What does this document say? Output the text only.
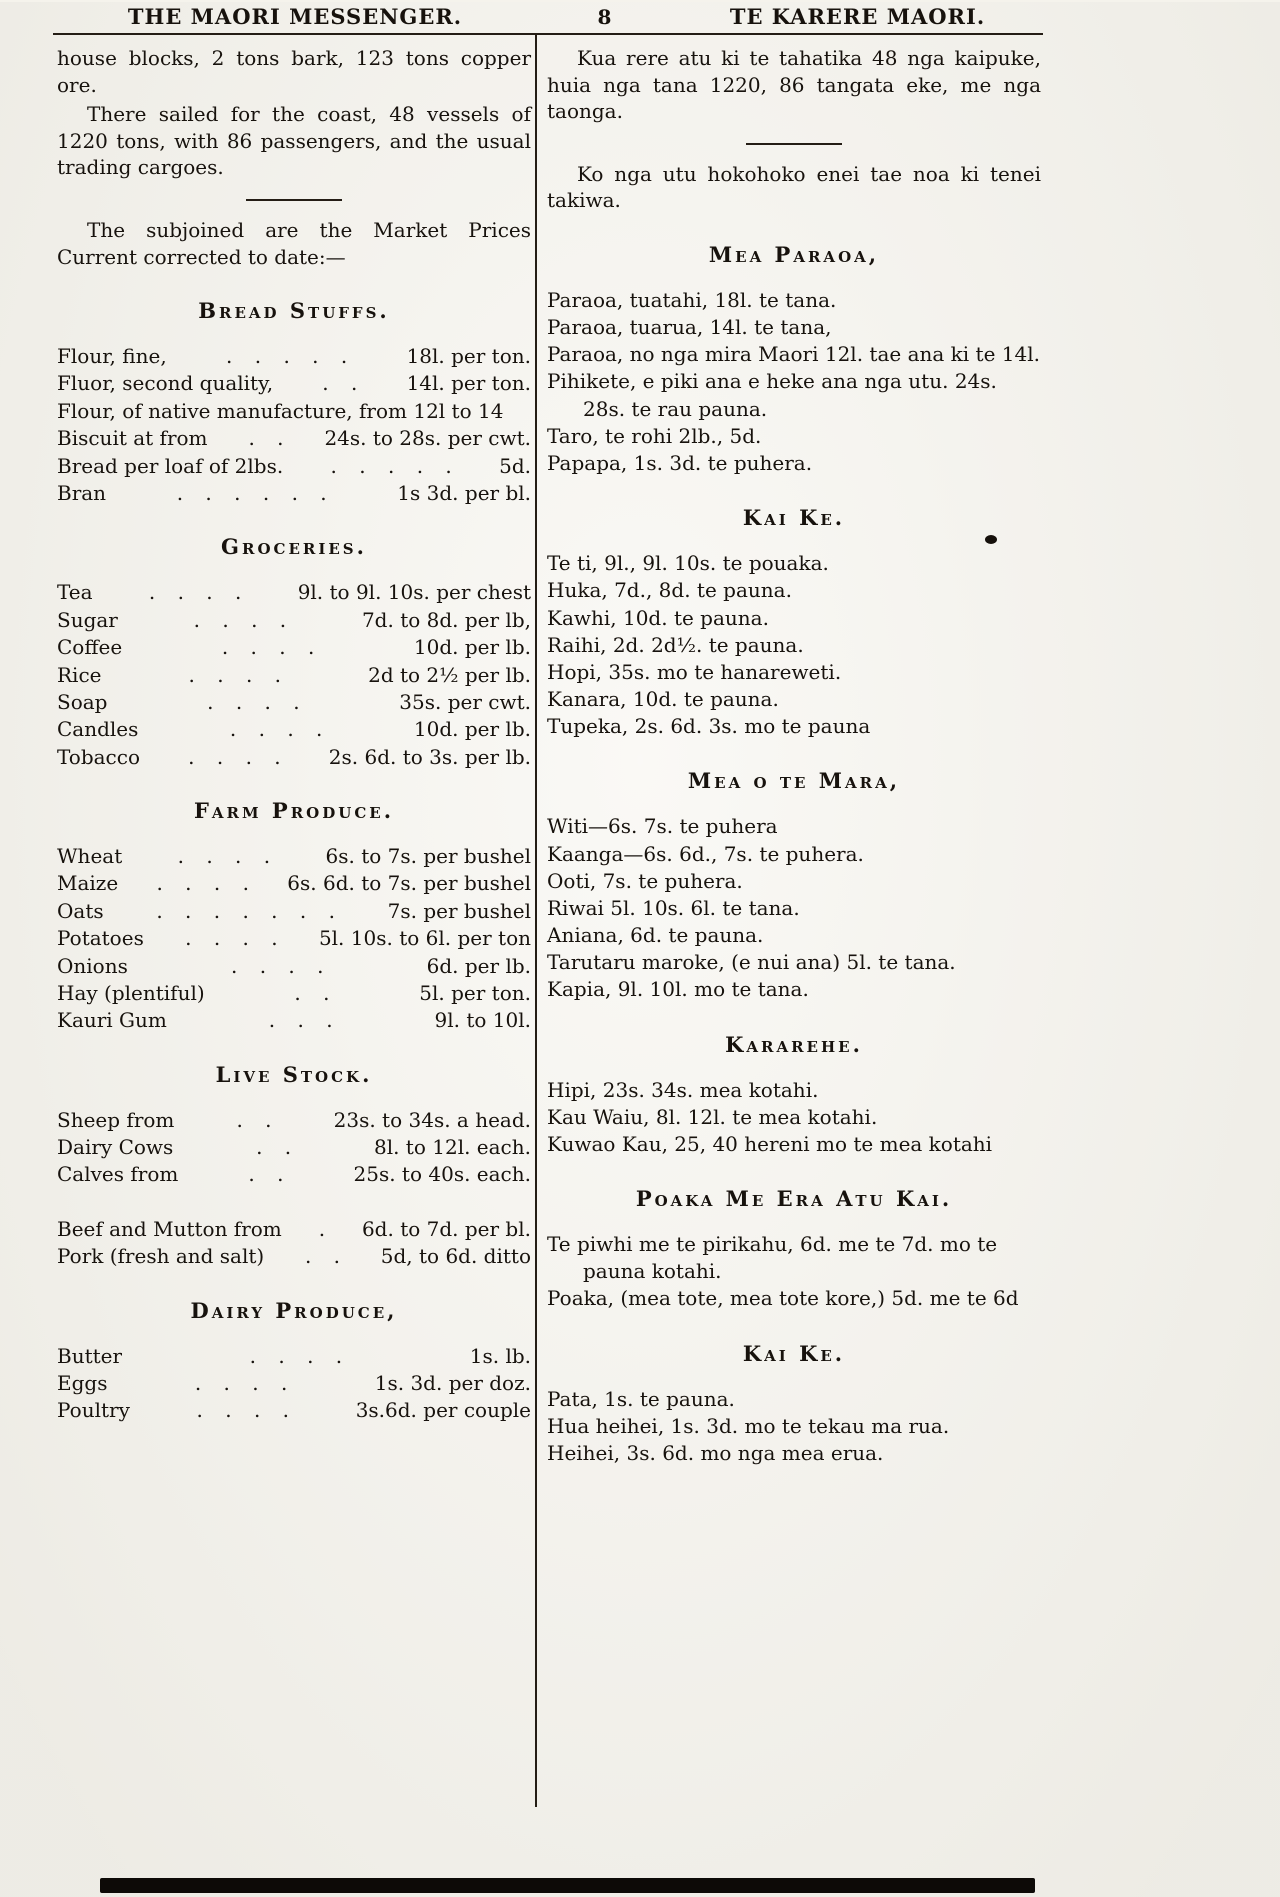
THE MAORI MESSENGER.	8	TE KARERE MAORI.

house blocks, 2 tons bark, 123 tons copper ore.

There sailed for the coast, 48 vessels of 1220 tons, with 86 passengers, and the usual trading cargoes.

The subjoined are the Market Prices Current corrected to date:—

Bread Stuffs.
Flour, fine,	. . . . .	18l. per ton.
Fluor, second quality,	. .	14l. per ton.
Flour, of native manufacture, from 12l to 14
Biscuit at from	. .	24s. to 28s. per cwt.
Bread per loaf of 2lbs.	. . . . .	5d.
Bran	. . . . . .	1s 3d. per bl.
Groceries.
Tea	. . . .	9l. to 9l. 10s. per chest
Sugar	. . . .	7d. to 8d. per lb,
Coffee	. . . .	10d. per lb.
Rice	. . . .	2d to 2½ per lb.
Soap	. . . .	35s. per cwt.
Candles	. . . .	10d. per lb.
Tobacco	. . . .	2s. 6d. to 3s. per lb.
Farm Produce.
Wheat	. . . .	6s. to 7s. per bushel
Maize	. . . .	6s. 6d. to 7s. per bushel
Oats	. . . . . . .	7s. per bushel
Potatoes	. . . .	5l. 10s. to 6l. per ton
Onions	. . . .	6d. per lb.
Hay (plentiful)	. .	5l. per ton.
Kauri Gum	. . .	9l. to 10l.
Live Stock.
Sheep from	. .	23s. to 34s. a head.
Dairy Cows	. .	8l. to 12l. each.
Calves from	. .	25s. to 40s. each.
Beef and Mutton from	.	6d. to 7d. per bl.
Pork (fresh and salt)	. .	5d, to 6d. ditto
Dairy Produce,
Butter	. . . .	1s. lb.
Eggs	. . . .	1s. 3d. per doz.
Poultry	. . . .	3s.6d. per couple

Kua rere atu ki te tahatika 48 nga kaipuke, huia nga tana 1220, 86 tangata eke, me nga taonga.

Ko nga utu hokohoko enei tae noa ki tenei takiwa.

Mea Paraoa,

Paraoa, tuatahi, 18l. te tana.

Paraoa, tuarua, 14l. te tana,

Paraoa, no nga mira Maori 12l. tae ana ki te 14l.

Pihikete, e piki ana e heke ana nga utu. 24s. 28s. te rau pauna.

Taro, te rohi 2lb., 5d.

Papapa, 1s. 3d. te puhera.

Kai Ke.

Te ti, 9l., 9l. 10s. te pouaka.

Huka, 7d., 8d. te pauna.

Kawhi, 10d. te pauna.

Raihi, 2d. 2d½. te pauna.

Hopi, 35s. mo te hanareweti.

Kanara, 10d. te pauna.

Tupeka, 2s. 6d. 3s. mo te pauna

Mea o te Mara,

Witi—6s. 7s. te puhera

Kaanga—6s. 6d., 7s. te puhera.

Ooti, 7s. te puhera.

Riwai 5l. 10s. 6l. te tana.

Aniana, 6d. te pauna.

Tarutaru maroke, (e nui ana) 5l. te tana.

Kapia, 9l. 10l. mo te tana.

Kararehe.

Hipi, 23s. 34s. mea kotahi.

Kau Waiu, 8l. 12l. te mea kotahi.

Kuwao Kau, 25, 40 hereni mo te mea kotahi

Poaka Me Era Atu Kai.

Te piwhi me te pirikahu, 6d. me te 7d. mo te pauna kotahi.

Poaka, (mea tote, mea tote kore,) 5d. me te 6d

Kai Ke.

Pata, 1s. te pauna.

Hua heihei, 1s. 3d. mo te tekau ma rua.

Heihei, 3s. 6d. mo nga mea erua.
